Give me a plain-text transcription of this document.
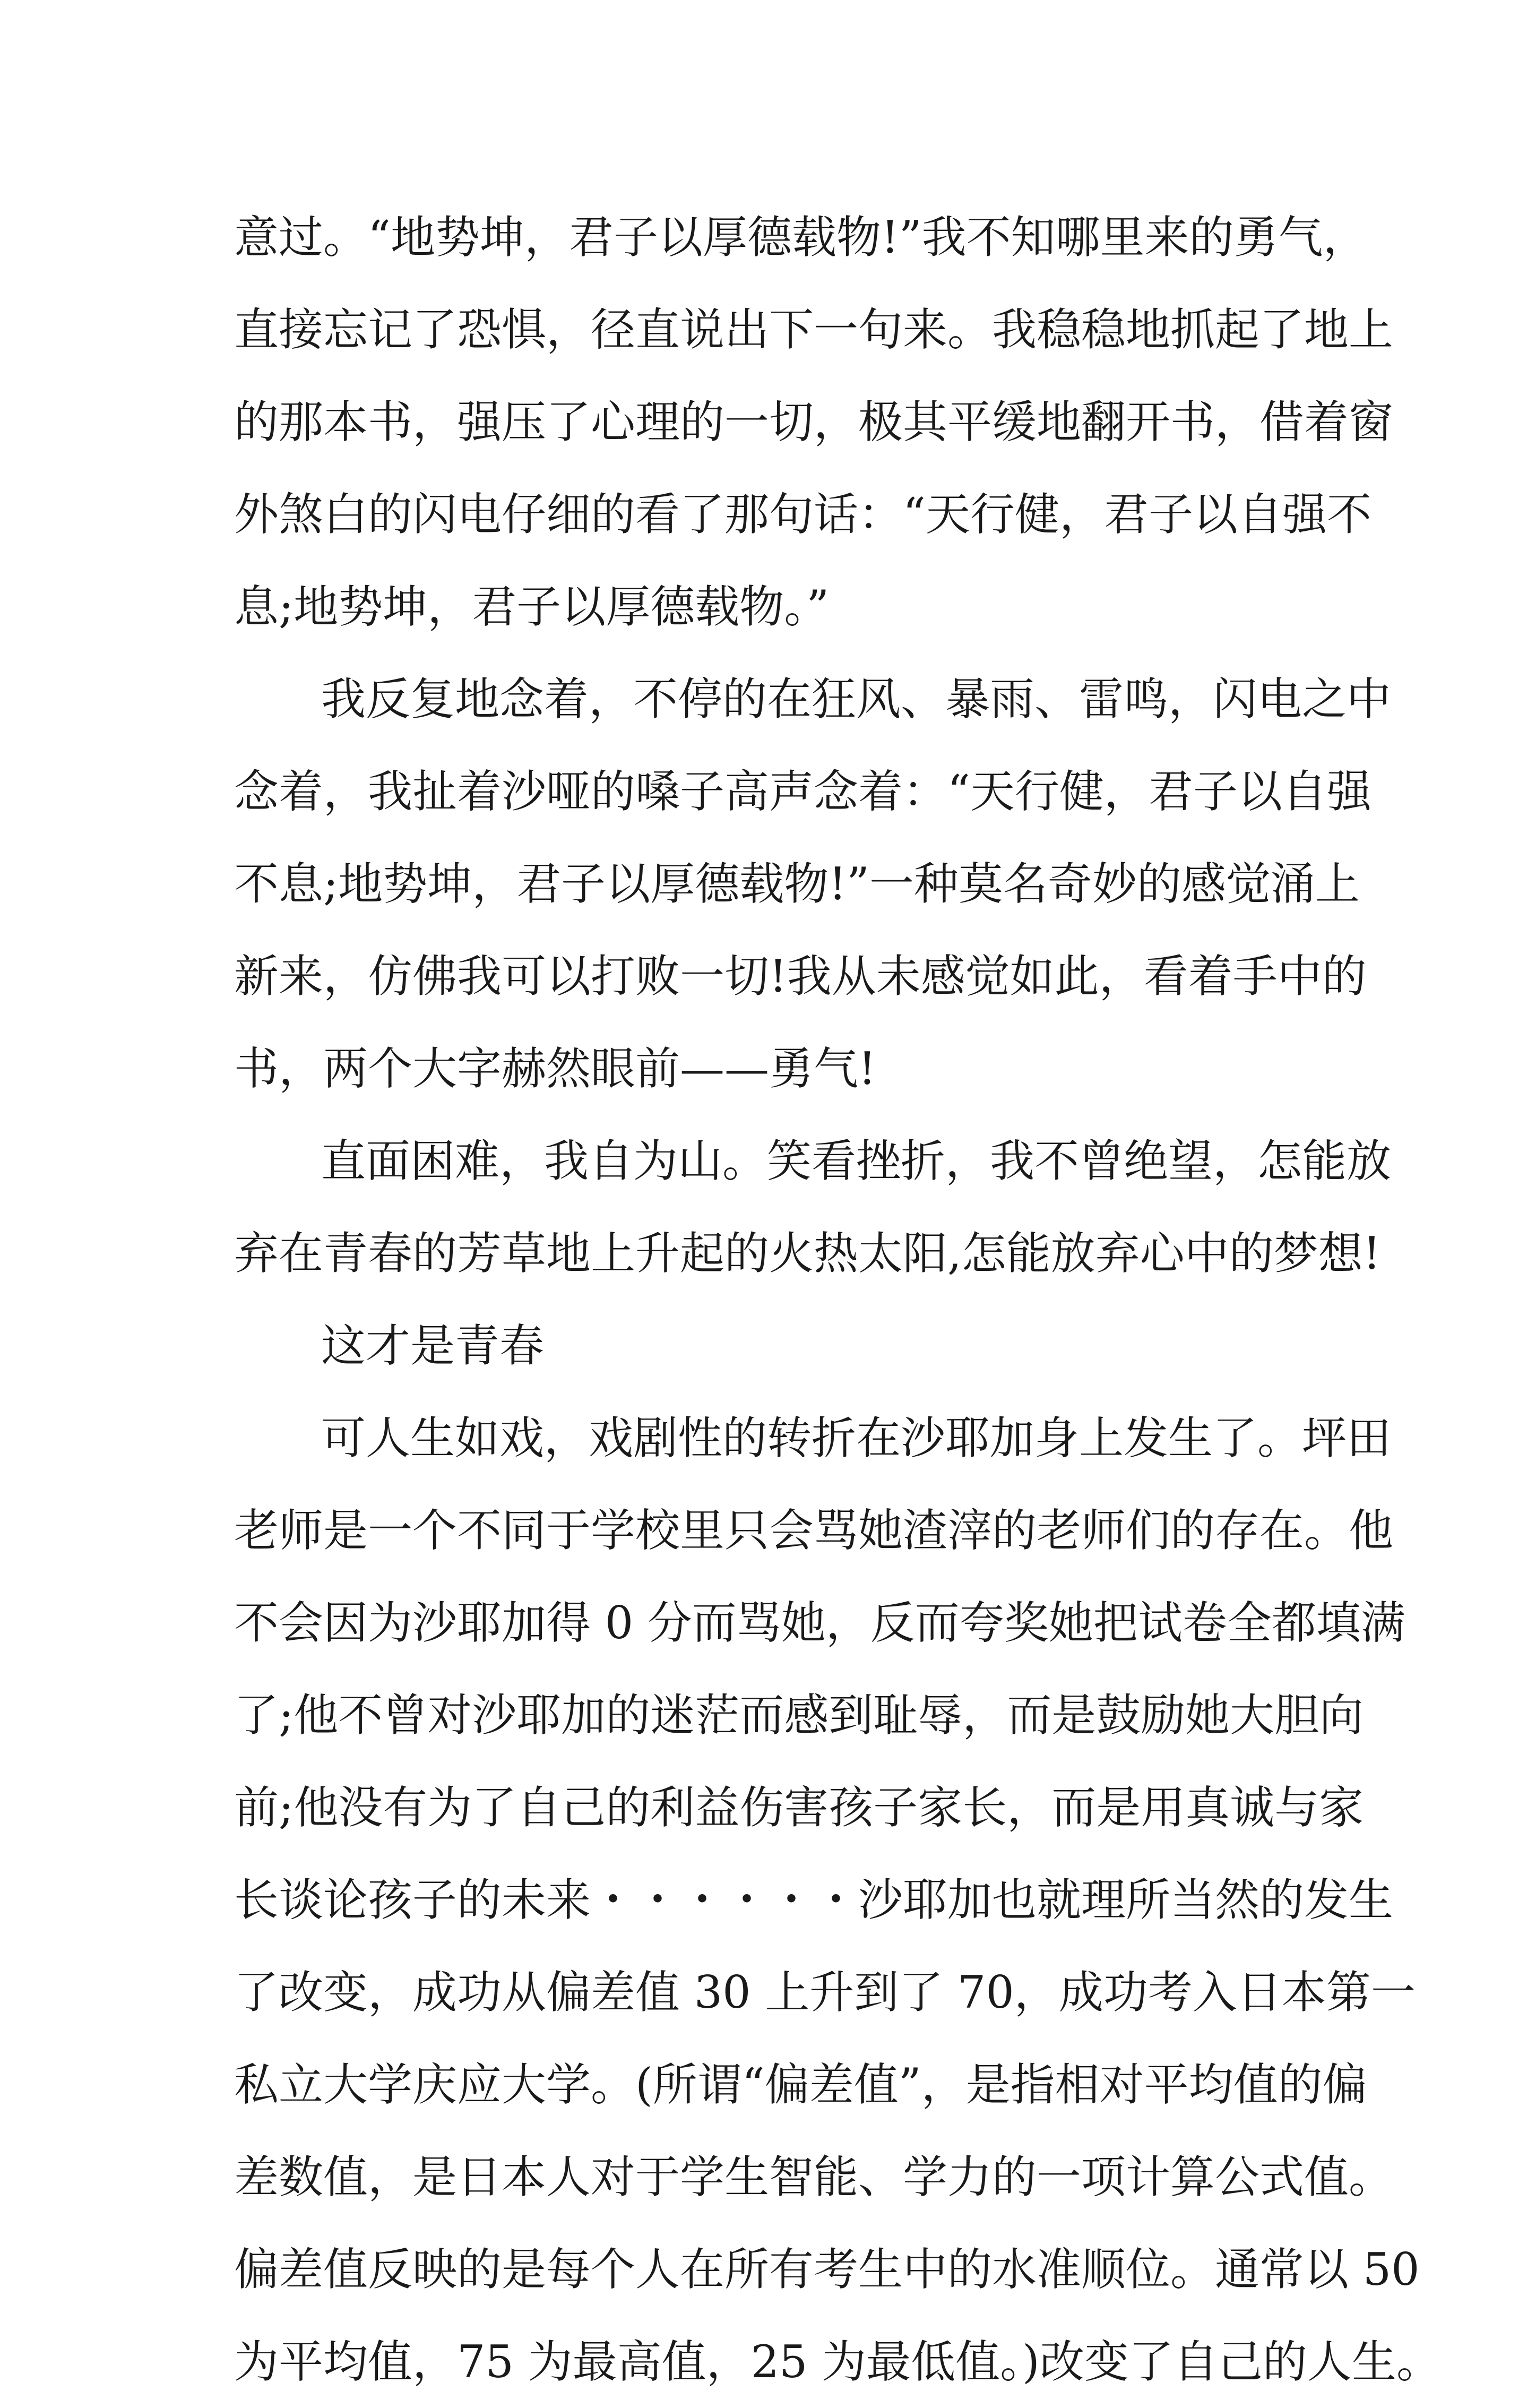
意过。“地势坤，君子以厚德载物!”我不知哪里来的勇气，
直接忘记了恐惧，径直说出下一句来。我稳稳地抓起了地上
的那本书，强压了心理的一切，极其平缓地翻开书，借着窗
外煞白的闪电仔细的看了那句话：“天行健，君子以自强不
息;地势坤，君子以厚德载物。”
我反复地念着，不停的在狂风、暴雨、雷鸣，闪电之中
念着，我扯着沙哑的嗓子高声念着：“天行健，君子以自强
不息;地势坤，君子以厚德载物!”一种莫名奇妙的感觉涌上
新来，仿佛我可以打败一切!我从未感觉如此，看着手中的
书，两个大字赫然眼前——勇气!
直面困难，我自为山。笑看挫折，我不曾绝望，怎能放
弃在青春的芳草地上升起的火热太阳,怎能放弃心中的梦想!
这才是青春
可人生如戏，戏剧性的转折在沙耶加身上发生了。坪田
老师是一个不同于学校里只会骂她渣滓的老师们的存在。他
不会因为沙耶加得 0 分而骂她，反而夸奖她把试卷全都填满
了;他不曾对沙耶加的迷茫而感到耻辱，而是鼓励她大胆向
前;他没有为了自己的利益伤害孩子家长，而是用真诚与家
长谈论孩子的未来・・・・・・沙耶加也就理所当然的发生
了改变，成功从偏差值 30 上升到了 70，成功考入日本第一
私立大学庆应大学。(所谓“偏差值”，是指相对平均值的偏
差数值，是日本人对于学生智能、学力的一项计算公式值。
偏差值反映的是每个人在所有考生中的水准顺位。通常以 50
为平均值，75 为最高值，25 为最低值。)改变了自己的人生。
